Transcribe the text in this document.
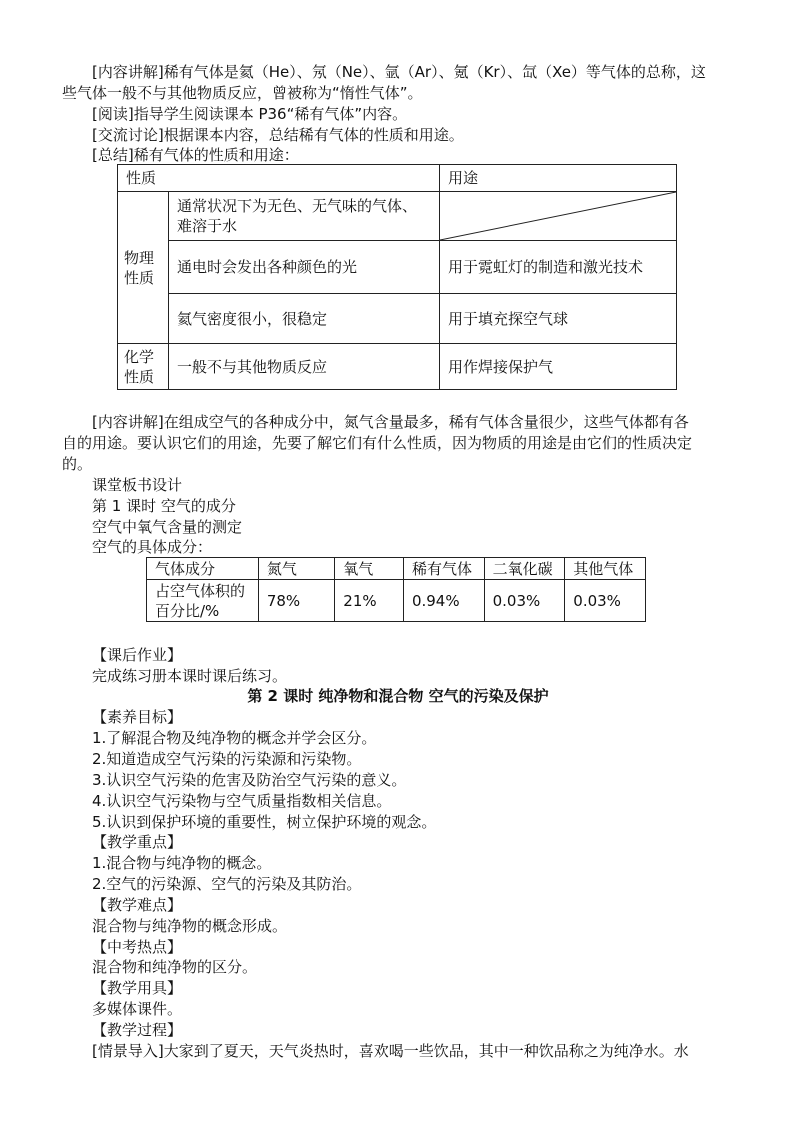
[内容讲解]稀有气体是氦（He）、氖（Ne）、氩（Ar）、氪（Kr）、氙（Xe）等气体的总称，这

些气体一般不与其他物质反应，曾被称为“惰性气体”。

[阅读]指导学生阅读课本 P36“稀有气体”内容。

[交流讨论]根据课本内容，总结稀有气体的性质和用途。

[总结]稀有气体的性质和用途：

性质		用途
物理性质	通常状况下为无色、无气味的气体、难溶于水	

	通电时会发出各种颜色的光	用于霓虹灯的制造和激光技术
	氦气密度很小，很稳定	用于填充探空气球
化学性质	一般不与其他物质反应	用作焊接保护气

[内容讲解]在组成空气的各种成分中，氮气含量最多，稀有气体含量很少，这些气体都有各

自的用途。要认识它们的用途，先要了解它们有什么性质，因为物质的用途是由它们的性质决定

的。

课堂板书设计

第 1 课时 空气的成分

空气中氧气含量的测定

空气的具体成分：

气体成分	氮气	氧气	稀有气体	二氧化碳	其他气体
占空气体积的百分比/%	78%	21%	0.94%	0.03%	0.03%

【课后作业】

完成练习册本课时课后练习。

第 2 课时 纯净物和混合物 空气的污染及保护

【素养目标】

1.了解混合物及纯净物的概念并学会区分。

2.知道造成空气污染的污染源和污染物。

3.认识空气污染的危害及防治空气污染的意义。

4.认识空气污染物与空气质量指数相关信息。

5.认识到保护环境的重要性，树立保护环境的观念。

【教学重点】

1.混合物与纯净物的概念。

2.空气的污染源、空气的污染及其防治。

【教学难点】

混合物与纯净物的概念形成。

【中考热点】

混合物和纯净物的区分。

【教学用具】

多媒体课件。

【教学过程】

[情景导入]大家到了夏天，天气炎热时，喜欢喝一些饮品，其中一种饮品称之为纯净水。水
